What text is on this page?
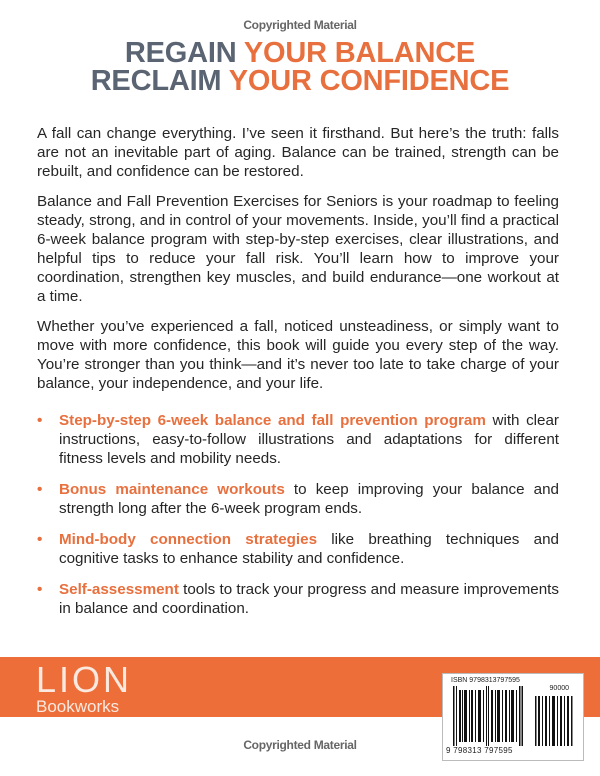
Copyrighted Material
REGAIN YOUR BALANCE
RECLAIM YOUR CONFIDENCE

A fall can change everything. I’ve seen it firsthand. But here’s the truth: falls are not an inevitable part of aging. Balance can be trained, strength can be rebuilt, and confidence can be restored.

Balance and Fall Prevention Exercises for Seniors is your roadmap to feeling steady, strong, and in control of your movements. Inside, you’ll find a practical 6-week balance program with step-by-step exercises, clear illustrations, and helpful tips to reduce your fall risk. You’ll learn how to improve your coordination, strengthen key muscles, and build endurance—one workout at a time.

Whether you’ve experienced a fall, noticed unsteadiness, or simply want to move with more confidence, this book will guide you every step of the way. You’re stronger than you think—and it’s never too late to take charge of your balance, your independence, and your life.

• Step-by-step 6-week balance and fall prevention program with clear instructions, easy-to-follow illustrations and adaptations for different fitness levels and mobility needs.
• Bonus maintenance workouts to keep improving your balance and strength long after the 6-week program ends.
• Mind-body connection strategies like breathing techniques and cognitive tasks to enhance stability and confidence.
• Self-assessment tools to track your progress and measure improvements in balance and coordination.
LION
Bookworks
ISBN 9798313797595
90000
9 798313 797595
Copyrighted Material
